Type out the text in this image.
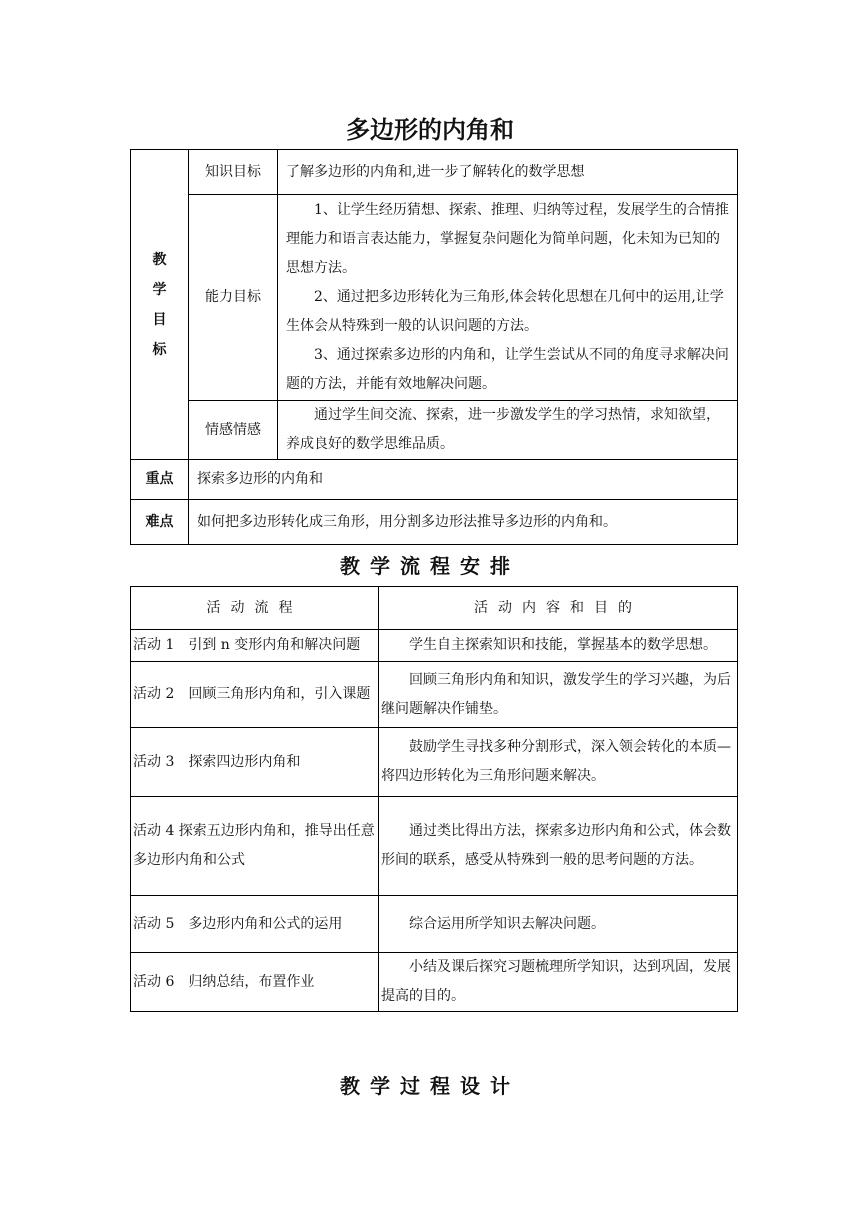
多边形的内角和
教
学
目
标	知识目标	了解多边形的内角和,进一步了解转化的数学思想
	能力目标	1、让学生经历猜想、探索、推理、归纳等过程，发展学生的合情推理能力和语言表达能力，掌握复杂问题化为简单问题，化未知为已知的思想方法。
2、通过把多边形转化为三角形,体会转化思想在几何中的运用,让学生体会从特殊到一般的认识问题的方法。
3、通过探索多边形的内角和，让学生尝试从不同的角度寻求解决问题的方法，并能有效地解决问题。

	情感情感	通过学生间交流、探索，进一步激发学生的学习热情，求知欲望，养成良好的数学思维品质。
重点	探索多边形的内角和	
难点	如何把多边形转化成三角形，用分割多边形法推导多边形的内角和。	
教学流程安排
活动流程	活动内容和目的
活动 1　引到 n 变形内角和解决问题	学生自主探索知识和技能，掌握基本的数学思想。

活动 2　回顾三角形内角和，引入课题	回顾三角形内角和知识，激发学生的学习兴趣，为后继问题解决作铺垫。

活动 3　探索四边形内角和	鼓励学生寻找多种分割形式，深入领会转化的本质—将四边形转化为三角形问题来解决。

活动 4 探索五边形内角和，推导出任意多边形内角和公式	通过类比得出方法，探索多边形内角和公式，体会数形间的联系，感受从特殊到一般的思考问题的方法。

活动 5　多边形内角和公式的运用	综合运用所学知识去解决问题。

活动 6　归纳总结，布置作业	小结及课后探究习题梳理所学知识，达到巩固，发展提高的目的。
教学过程设计
